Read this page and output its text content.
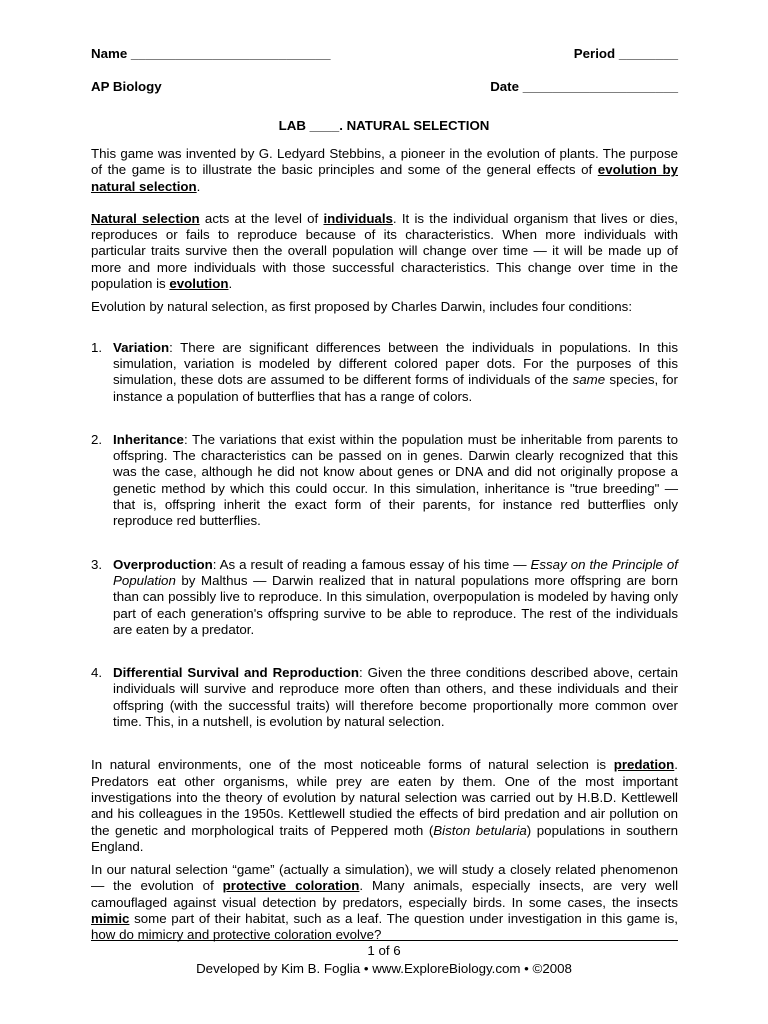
Name ___________________________	Period ________
AP Biology	Date _____________________
LAB ____. NATURAL SELECTION

This game was invented by G. Ledyard Stebbins, a pioneer in the evolution of plants. The purpose of the game is to illustrate the basic principles and some of the general effects of evolution by natural selection.

Natural selection acts at the level of individuals. It is the individual organism that lives or dies, reproduces or fails to reproduce because of its characteristics. When more individuals with particular traits survive then the overall population will change over time — it will be made up of more and more individuals with those successful characteristics. This change over time in the population is evolution.

Evolution by natural selection, as first proposed by Charles Darwin, includes four conditions:

1. Variation: There are significant differences between the individuals in populations. In this simulation, variation is modeled by different colored paper dots. For the purposes of this simulation, these dots are assumed to be different forms of individuals of the same species, for instance a population of butterflies that has a range of colors.
2. Inheritance: The variations that exist within the population must be inheritable from parents to offspring. The characteristics can be passed on in genes. Darwin clearly recognized that this was the case, although he did not know about genes or DNA and did not originally propose a genetic method by which this could occur. In this simulation, inheritance is "true breeding" — that is, offspring inherit the exact form of their parents, for instance red butterflies only reproduce red butterflies.
3. Overproduction: As a result of reading a famous essay of his time — Essay on the Principle of Population by Malthus — Darwin realized that in natural populations more offspring are born than can possibly live to reproduce. In this simulation, overpopulation is modeled by having only part of each generation's offspring survive to be able to reproduce. The rest of the individuals are eaten by a predator.
4. Differential Survival and Reproduction: Given the three conditions described above, certain individuals will survive and reproduce more often than others, and these individuals and their offspring (with the successful traits) will therefore become proportionally more common over time. This, in a nutshell, is evolution by natural selection.

In natural environments, one of the most noticeable forms of natural selection is predation. Predators eat other organisms, while prey are eaten by them. One of the most important investigations into the theory of evolution by natural selection was carried out by H.B.D. Kettlewell and his colleagues in the 1950s. Kettlewell studied the effects of bird predation and air pollution on the genetic and morphological traits of Peppered moth (Biston betularia) populations in southern England.

In our natural selection “game” (actually a simulation), we will study a closely related phenomenon — the evolution of protective coloration. Many animals, especially insects, are very well camouflaged against visual detection by predators, especially birds. In some cases, the insects mimic some part of their habitat, such as a leaf. The question under investigation in this game is, how do mimicry and protective coloration evolve?

1 of 6
Developed by Kim B. Foglia • www.ExploreBiology.com • ©2008
